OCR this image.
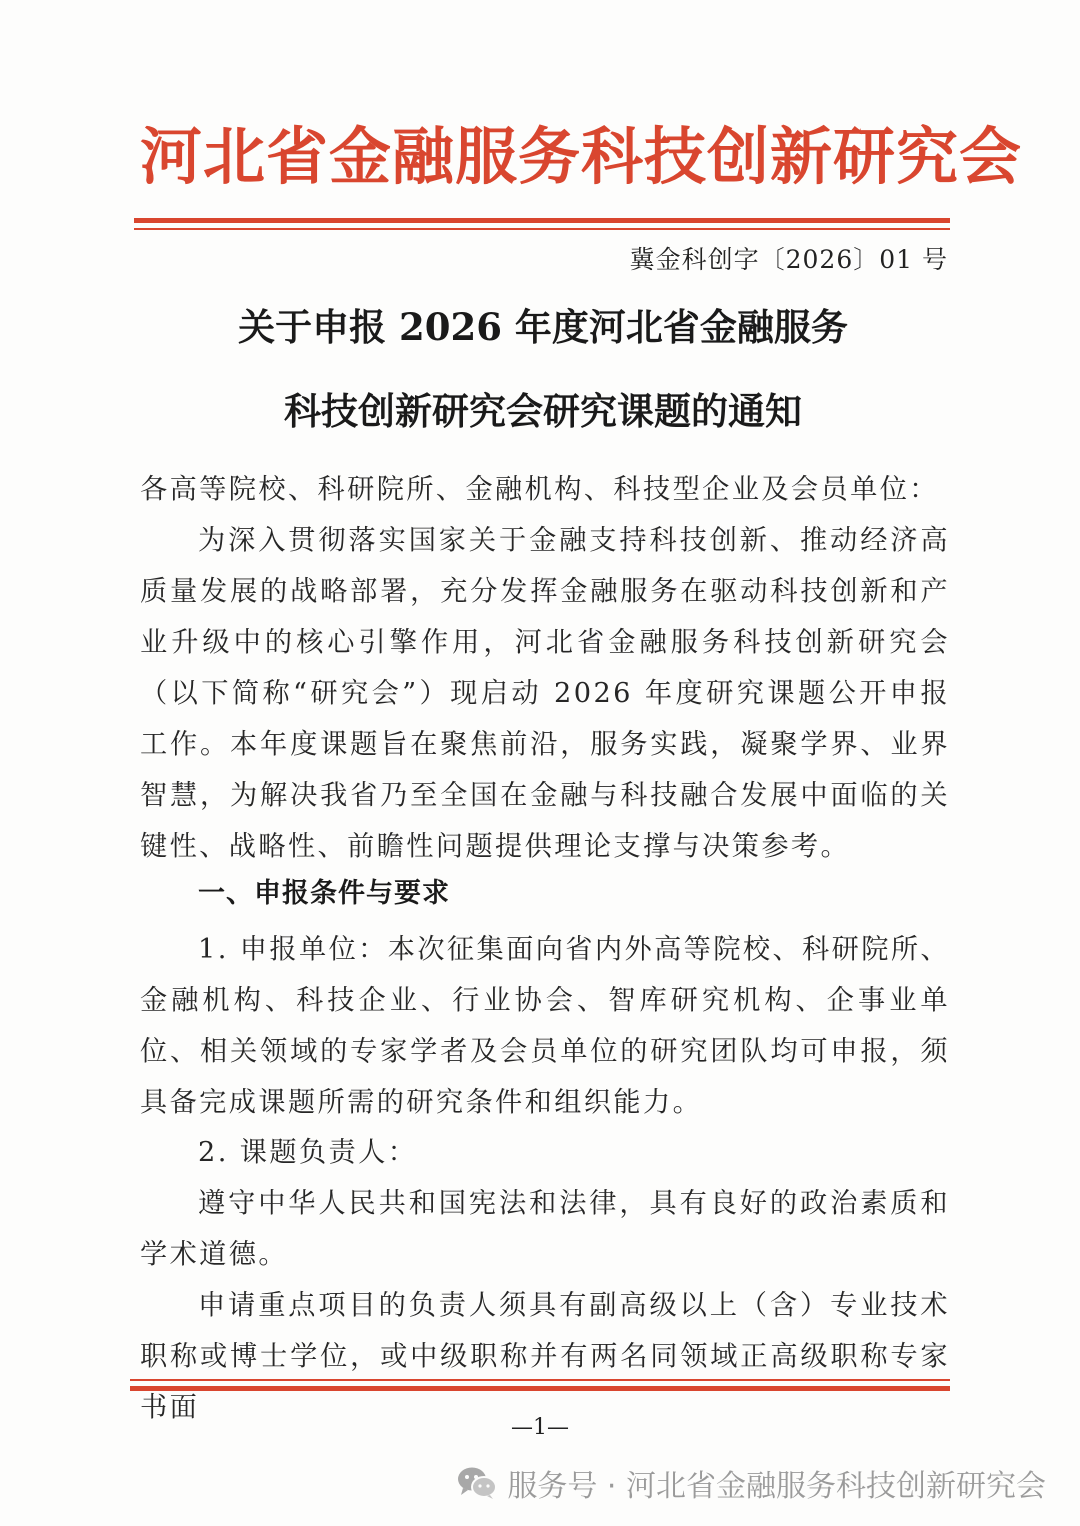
河北省金融服务科技创新研究会
冀金科创字〔2026〕01 号
关于申报 2026 年度河北省金融服务
科技创新研究会研究课题的通知
各高等院校、科研院所、金融机构、科技型企业及会员单位：
为深入贯彻落实国家关于金融支持科技创新、推动经济高质量发展的战略部署，充分发挥金融服务在驱动科技创新和产业升级中的核心引擎作用，河北省金融服务科技创新研究会（以下简称“研究会”）现启动 2026 年度研究课题公开申报工作。本年度课题旨在聚焦前沿，服务实践，凝聚学界、业界智慧，为解决我省乃至全国在金融与科技融合发展中面临的关键性、战略性、前瞻性问题提供理论支撑与决策参考。
一、申报条件与要求
1. 申报单位：本次征集面向省内外高等院校、科研院所、金融机构、科技企业、行业协会、智库研究机构、企事业单位、相关领域的专家学者及会员单位的研究团队均可申报，须具备完成课题所需的研究条件和组织能力。
2. 课题负责人：
遵守中华人民共和国宪法和法律，具有良好的政治素质和学术道德。
申请重点项目的负责人须具有副高级以上（含）专业技术职称或博士学位，或中级职称并有两名同领域正高级职称专家书面
—1—
服务号 · 河北省金融服务科技创新研究会
